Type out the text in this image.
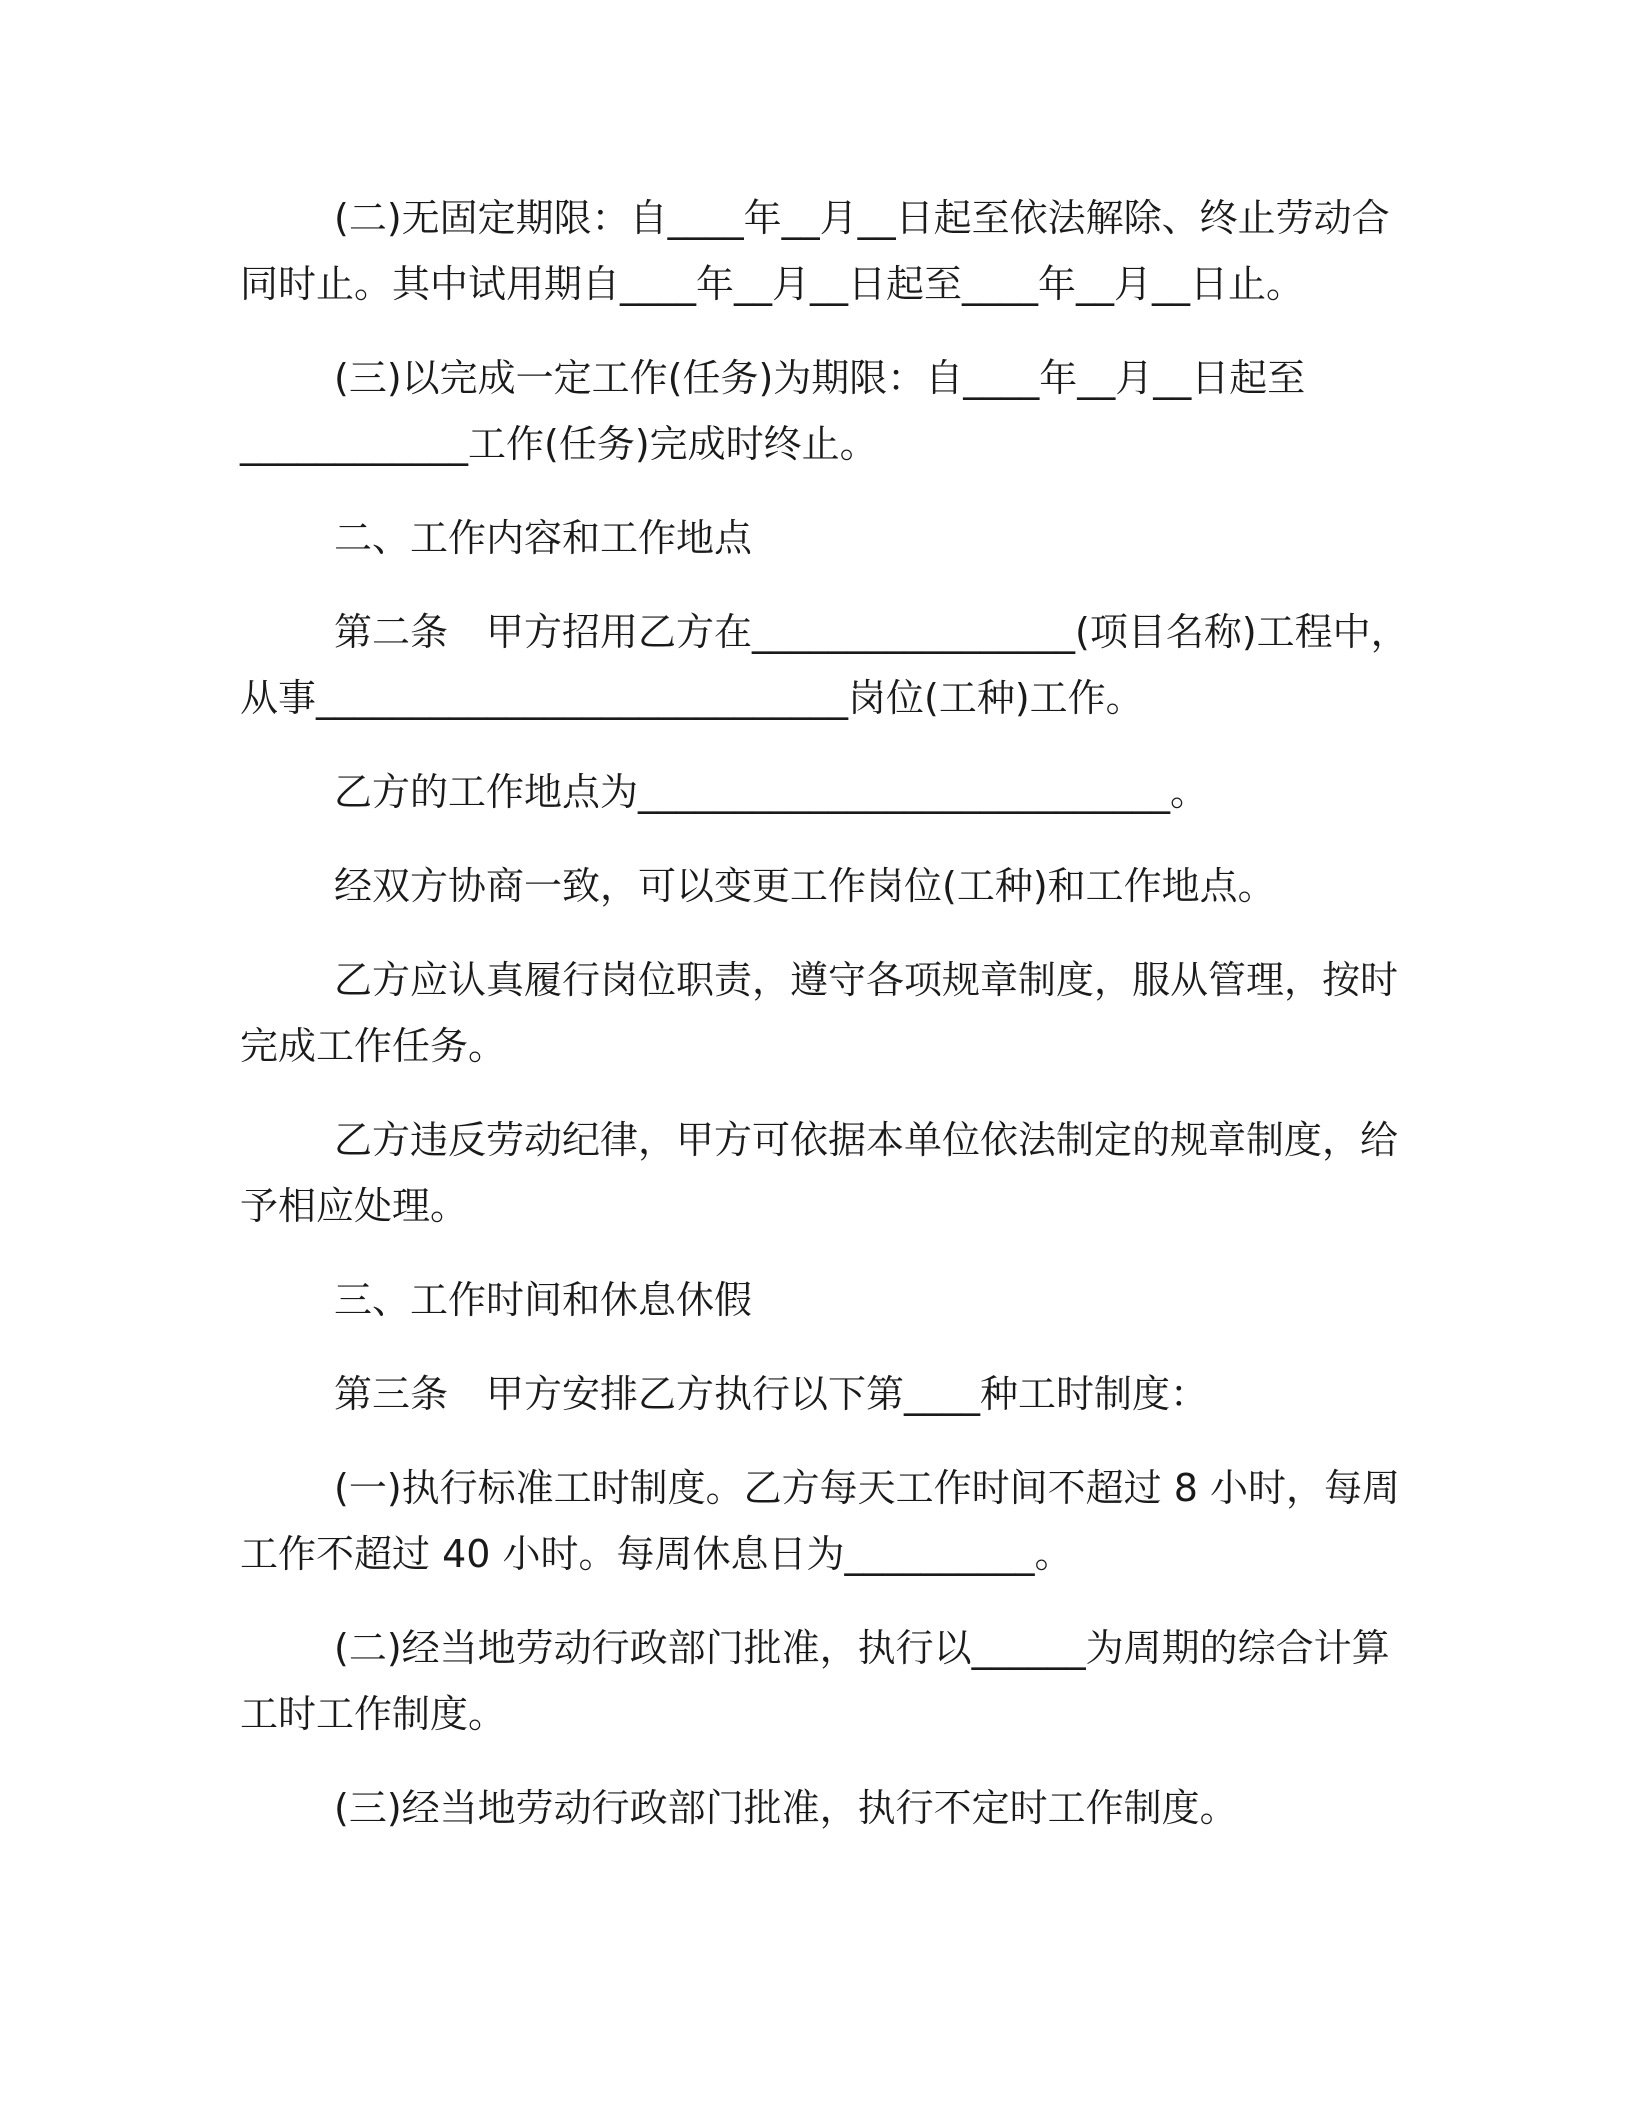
(二)无固定期限：自____年__月__日起至依法解除、终止劳动合
同时止。其中试用期自____年__月__日起至____年__月__日止。
(三)以完成一定工作(任务)为期限：自____年__月__日起至
____________工作(任务)完成时终止。
二、工作内容和工作地点
第二条　甲方招用乙方在_________________(项目名称)工程中，
从事____________________________岗位(工种)工作。
乙方的工作地点为____________________________。
经双方协商一致，可以变更工作岗位(工种)和工作地点。
乙方应认真履行岗位职责，遵守各项规章制度，服从管理，按时
完成工作任务。
乙方违反劳动纪律，甲方可依据本单位依法制定的规章制度，给
予相应处理。
三、工作时间和休息休假
第三条　甲方安排乙方执行以下第____种工时制度：
(一)执行标准工时制度。乙方每天工作时间不超过 8 小时，每周
工作不超过 40 小时。每周休息日为__________。
(二)经当地劳动行政部门批准，执行以______为周期的综合计算
工时工作制度。
(三)经当地劳动行政部门批准，执行不定时工作制度。
